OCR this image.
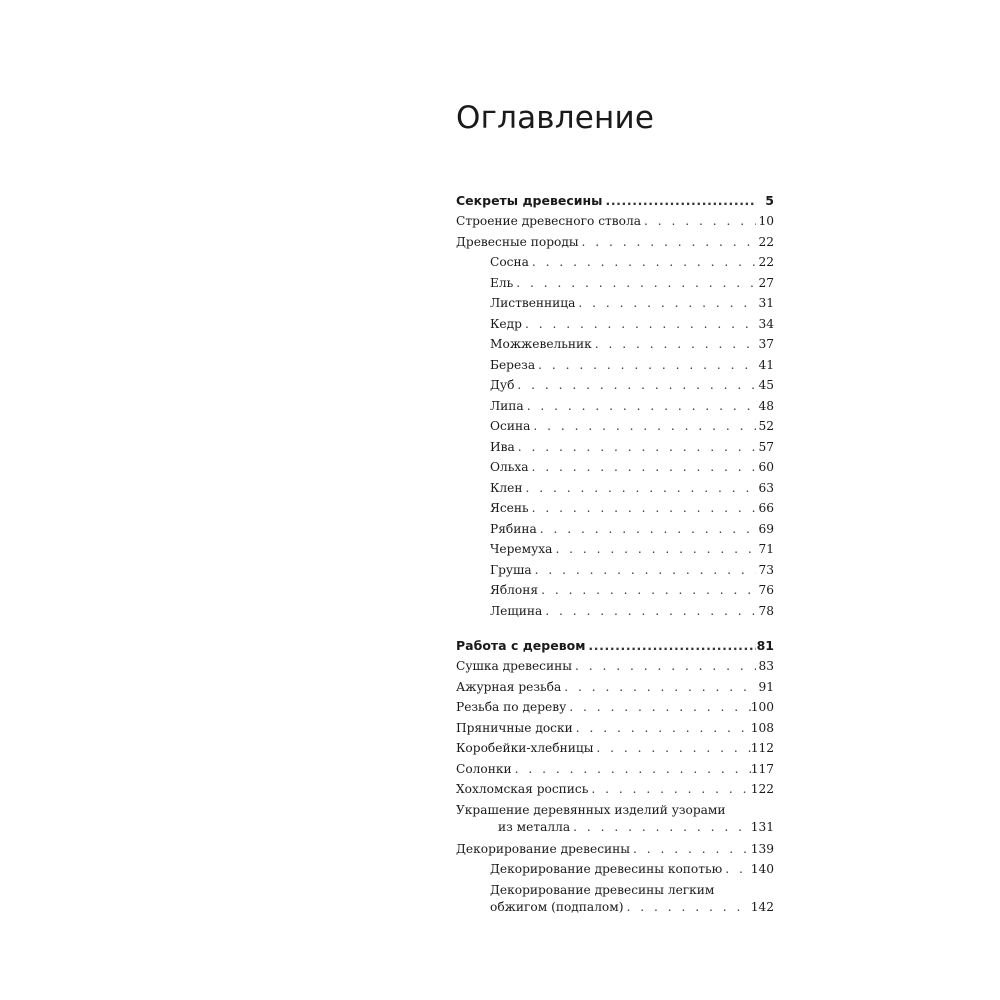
Оглавление
Секреты древесины .....	5
Строение древесного ствола . . .	10
Древесные породы . . .	22
Сосна . . .	22
Ель . . .	27
Лиственница . . .	31
Кедр . . .	34
Можжевельник . . .	37
Береза . . .	41
Дуб . . .	45
Липа . . .	48
Осина . . .	52
Ива . . .	57
Ольха . . .	60
Клен . . .	63
Ясень . . .	66
Рябина . . .	69
Черемуха . . .	71
Груша . . .	73
Яблоня . . .	76
Лещина . . .	78
Работа с деревом .....	81
Сушка древесины . . .	83
Ажурная резьба . . .	91
Резьба по дереву . . .	100
Пряничные доски . . .	108
Коробейки-хлебницы . . .	112
Солонки . . .	117
Хохломская роспись . . .	122
Украшение деревянных изделий узорами
из металла . . .	131
Декорирование древесины . . .	139
Декорирование древесины копотью . . . 140
Декорирование древесины легким
обжигом (подпалом) . . .	142
